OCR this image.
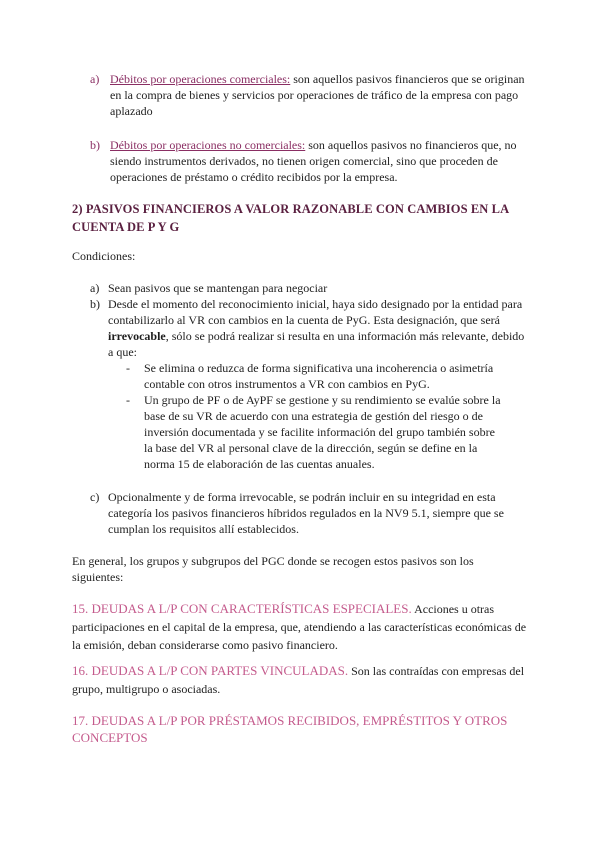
a) Débitos por operaciones comerciales: son aquellos pasivos financieros que se originan en la compra de bienes y servicios por operaciones de tráfico de la empresa con pago aplazado
b) Débitos por operaciones no comerciales: son aquellos pasivos no financieros que, no siendo instrumentos derivados, no tienen origen comercial, sino que proceden de operaciones de préstamo o crédito recibidos por la empresa.
2) PASIVOS FINANCIEROS A VALOR RAZONABLE CON CAMBIOS EN LA CUENTA DE P Y G
Condiciones:
a) Sean pasivos que se mantengan para negociar
b) Desde el momento del reconocimiento inicial, haya sido designado por la entidad para contabilizarlo al VR con cambios en la cuenta de PyG. Esta designación, que será irrevocable, sólo se podrá realizar si resulta en una información más relevante, debido a que:
- Se elimina o reduzca de forma significativa una incoherencia o asimetría contable con otros instrumentos a VR con cambios en PyG.
- Un grupo de PF o de AyPF se gestione y su rendimiento se evalúe sobre la base de su VR de acuerdo con una estrategia de gestión del riesgo o de inversión documentada y se facilite información del grupo también sobre la base del VR al personal clave de la dirección, según se define en la norma 15 de elaboración de las cuentas anuales.
c) Opcionalmente y de forma irrevocable, se podrán incluir en su integridad en esta categoría los pasivos financieros híbridos regulados en la NV9 5.1, siempre que se cumplan los requisitos allí establecidos.
En general, los grupos y subgrupos del PGC donde se recogen estos pasivos son los siguientes:
15. DEUDAS A L/P CON CARACTERÍSTICAS ESPECIALES. Acciones u otras participaciones en el capital de la empresa, que, atendiendo a las características económicas de la emisión, deban considerarse como pasivo financiero.
16. DEUDAS A L/P CON PARTES VINCULADAS. Son las contraídas con empresas del grupo, multigrupo o asociadas.
17. DEUDAS A L/P POR PRÉSTAMOS RECIBIDOS, EMPRÉSTITOS Y OTROS CONCEPTOS
